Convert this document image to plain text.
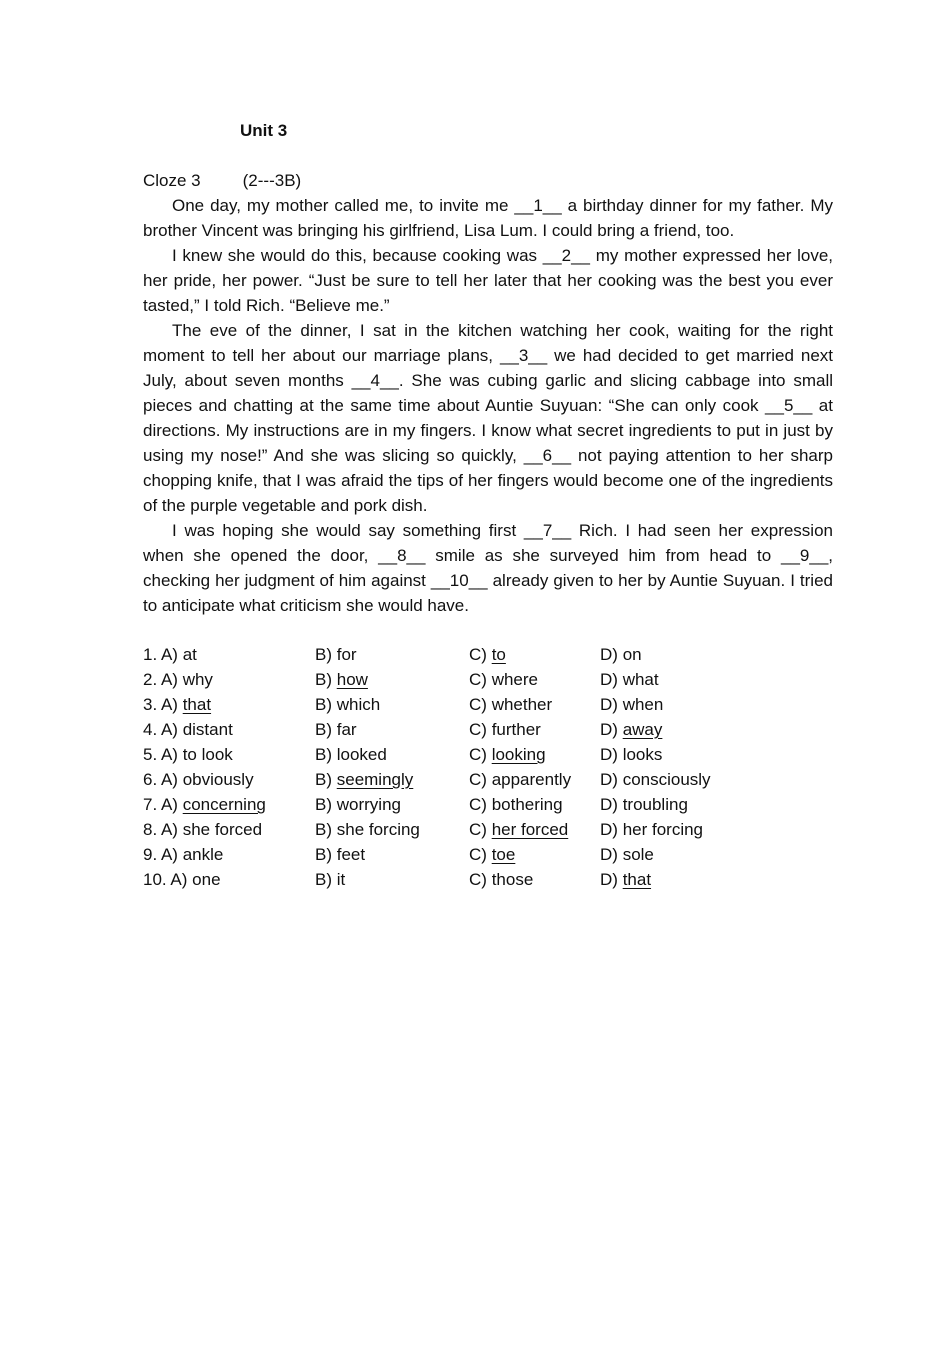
Unit 3
Cloze 3 (2---3B)

One day, my mother called me, to invite me __1__ a birthday dinner for my father. My brother Vincent was bringing his girlfriend, Lisa Lum. I could bring a friend, too.

I knew she would do this, because cooking was __2__ my mother expressed her love, her pride, her power. “Just be sure to tell her later that her cooking was the best you ever tasted,” I told Rich. “Believe me.”

The eve of the dinner, I sat in the kitchen watching her cook, waiting for the right moment to tell her about our marriage plans, __3__ we had decided to get married next July, about seven months __4__. She was cubing garlic and slicing cabbage into small pieces and chatting at the same time about Auntie Suyuan: “She can only cook __5__ at directions. My instructions are in my fingers. I know what secret ingredients to put in just by using my nose!” And she was slicing so quickly, __6__ not paying attention to her sharp chopping knife, that I was afraid the tips of her fingers would become one of the ingredients of the purple vegetable and pork dish.

I was hoping she would say something first __7__ Rich. I had seen her expression when she opened the door, __8__ smile as she surveyed him from head to __9__, checking her judgment of him against __10__ already given to her by Auntie Suyuan. I tried to anticipate what criticism she would have.

1. A) at	B) for	C) to	D) on
2. A) why	B) how	C) where	D) what
3. A) that	B) which	C) whether	D) when
4. A) distant	B) far	C) further	D) away
5. A) to look	B) looked	C) looking	D) looks
6. A) obviously	B) seemingly	C) apparently D) consciously
7. A) concerning	B) worrying	C) bothering D) troubling
8. A) she forced	B) she forcing	C) her forced	D) her forcing
9. A) ankle	B) feet	C) toe	D) sole
10. A) one	B) it	C) those	D) that
